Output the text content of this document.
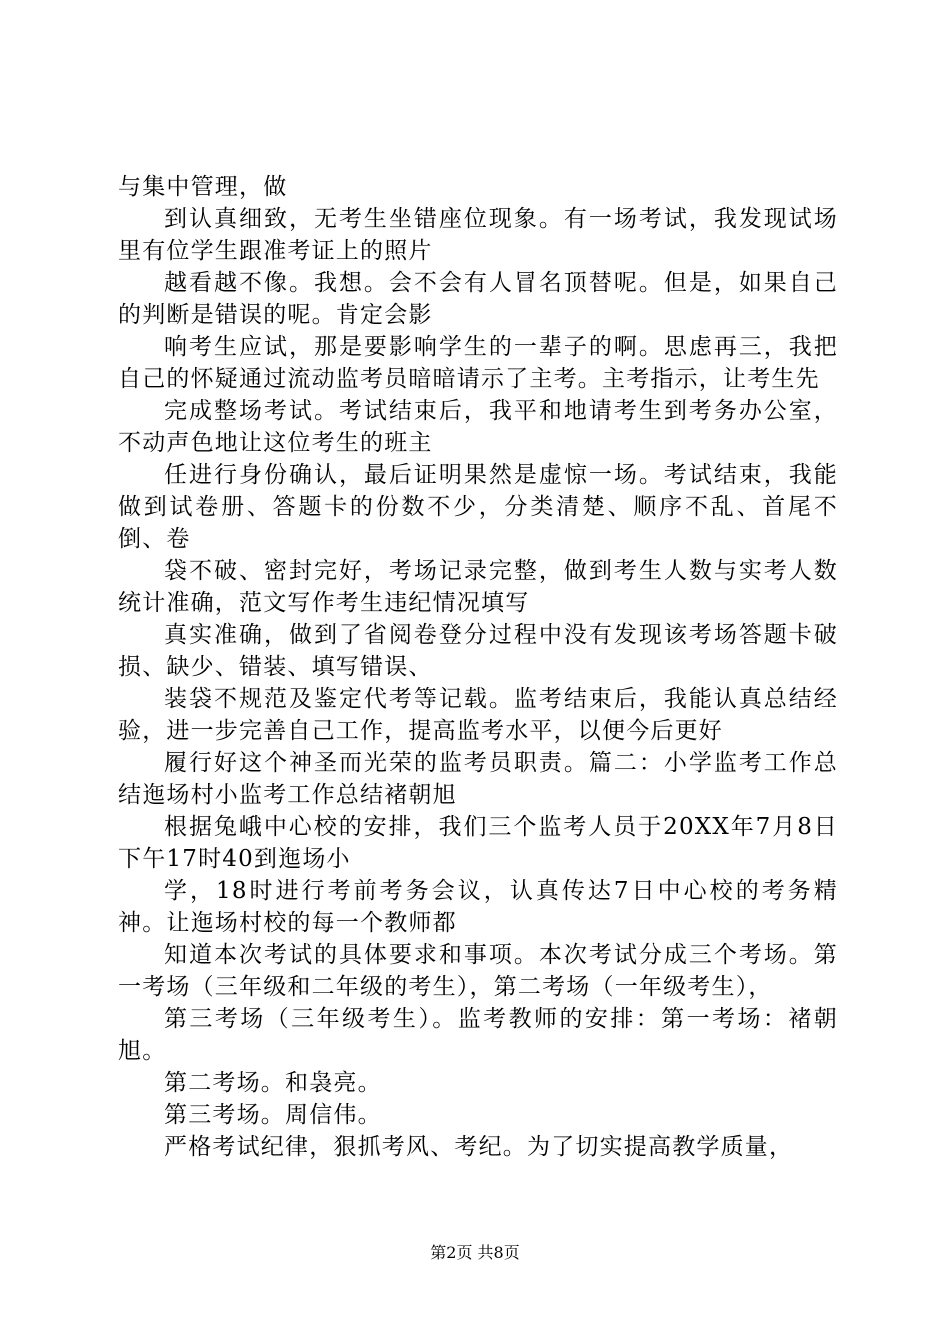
与集中管理，做

到认真细致，无考生坐错座位现象。有一场考试，我发现试场里有位学生跟准考证上的照片

越看越不像。我想。会不会有人冒名顶替呢。但是，如果自己的判断是错误的呢。肯定会影

响考生应试，那是要影响学生的一辈子的啊。思虑再三，我把自己的怀疑通过流动监考员暗暗请示了主考。主考指示，让考生先

完成整场考试。考试结束后，我平和地请考生到考务办公室，不动声色地让这位考生的班主

任进行身份确认，最后证明果然是虚惊一场。考试结束，我能做到试卷册、答题卡的份数不少，分类清楚、顺序不乱、首尾不倒、卷

袋不破、密封完好，考场记录完整，做到考生人数与实考人数统计准确，范文写作考生违纪情况填写

真实准确，做到了省阅卷登分过程中没有发现该考场答题卡破损、缺少、错装、填写错误、

装袋不规范及鉴定代考等记载。监考结束后，我能认真总结经验，进一步完善自己工作，提高监考水平，以便今后更好

履行好这个神圣而光荣的监考员职责。篇二：小学监考工作总结迤场村小监考工作总结褚朝旭

根据兔峨中心校的安排，我们三个监考人员于20XX年7月8日下午17时40到迤场小

学，18时进行考前考务会议，认真传达7日中心校的考务精神。让迤场村校的每一个教师都

知道本次考试的具体要求和事项。本次考试分成三个考场。第一考场（三年级和二年级的考生），第二考场（一年级考生），

第三考场（三年级考生）。监考教师的安排：第一考场：褚朝旭。

第二考场。和袅亮。

第三考场。周信伟。

严格考试纪律，狠抓考风、考纪。为了切实提高教学质量，

第2页 共8页
